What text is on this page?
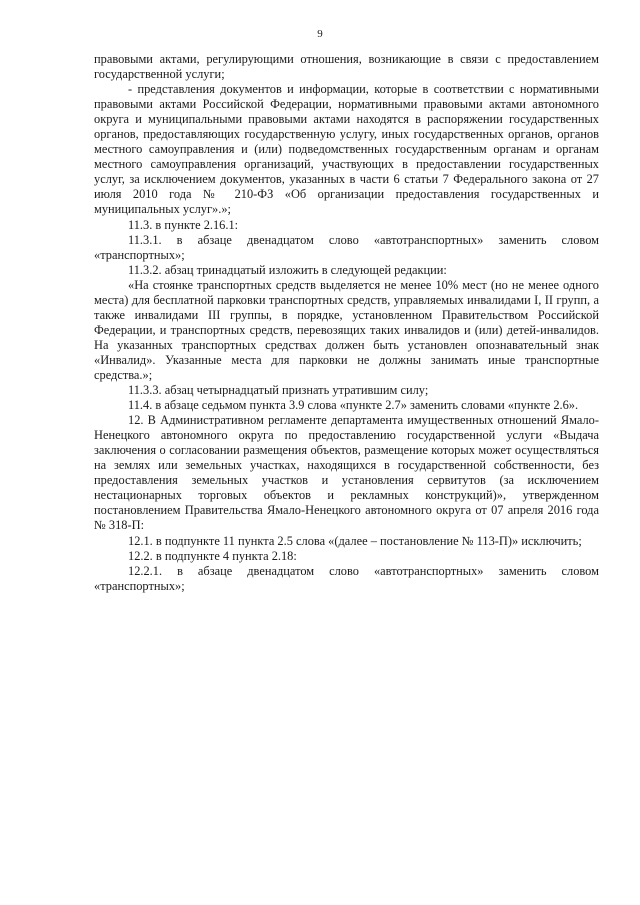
9

правовыми актами, регулирующими отношения, возникающие в связи с предоставлением государственной услуги;

- представления документов и информации, которые в соответствии с нормативными правовыми актами Российской Федерации, нормативными правовыми актами автономного округа и муниципальными правовыми актами находятся в распоряжении государственных органов, предоставляющих государственную услугу, иных государственных органов, органов местного самоуправления и (или) подведомственных государственным органам и органам местного самоуправления организаций, участвующих в предоставлении государственных услуг, за исключением документов, указанных в части 6 статьи 7 Федерального закона от 27 июля 2010 года № 210-ФЗ «Об организации предоставления государственных и муниципальных услуг».»;

11.3. в пункте 2.16.1:

11.3.1. в абзаце двенадцатом слово «автотранспортных» заменить словом «транспортных»;

11.3.2. абзац тринадцатый изложить в следующей редакции:

«На стоянке транспортных средств выделяется не менее 10% мест (но не менее одного места) для бесплатной парковки транспортных средств, управляемых инвалидами I, II групп, а также инвалидами III группы, в порядке, установленном Правительством Российской Федерации, и транспортных средств, перевозящих таких инвалидов и (или) детей-инвалидов. На указанных транспортных средствах должен быть установлен опознавательный знак «Инвалид». Указанные места для парковки не должны занимать иные транспортные средства.»;

11.3.3. абзац четырнадцатый признать утратившим силу;

11.4. в абзаце седьмом пункта 3.9 слова «пункте 2.7» заменить словами «пункте 2.6».

12. В Административном регламенте департамента имущественных отношений Ямало-Ненецкого автономного округа по предоставлению государственной услуги «Выдача заключения о согласовании размещения объектов, размещение которых может осуществляться на землях или земельных участках, находящихся в государственной собственности, без предоставления земельных участков и установления сервитутов (за исключением нестационарных торговых объектов и рекламных конструкций)», утвержденном постановлением Правительства Ямало-Ненецкого автономного округа от 07 апреля 2016 года № 318-П:

12.1. в подпункте 11 пункта 2.5 слова «(далее – постановление № 113-П)» исключить;

12.2. в подпункте 4 пункта 2.18:

12.2.1. в абзаце двенадцатом слово «автотранспортных» заменить словом «транспортных»;
